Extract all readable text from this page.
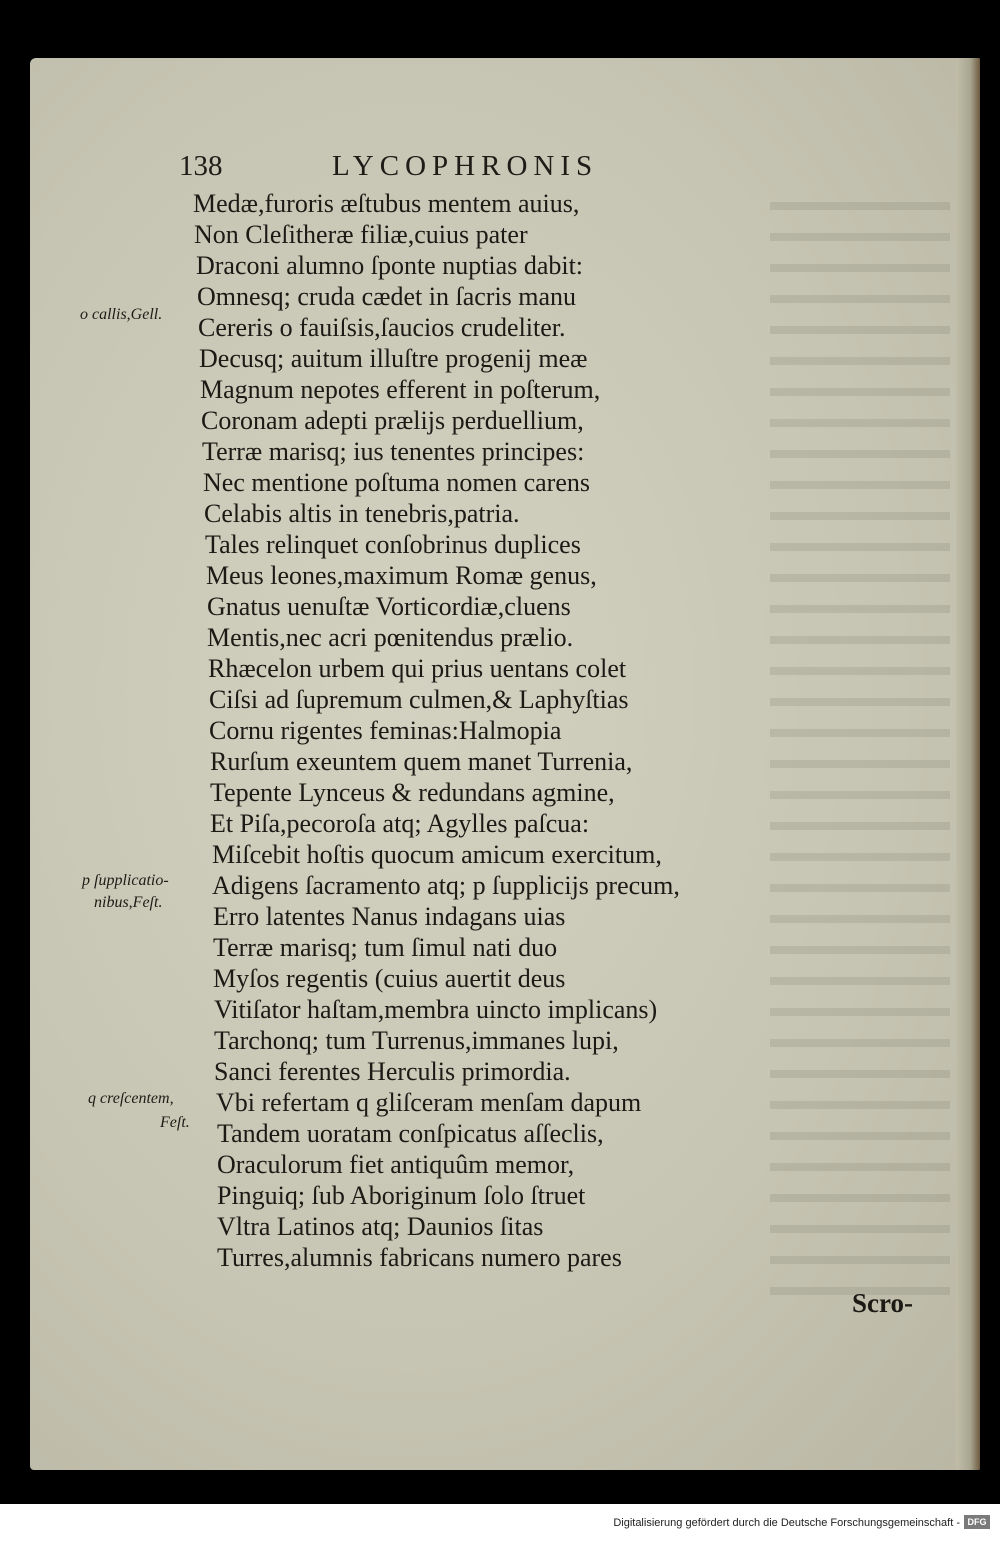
138	LYCOPHRONIS
Medæ,furoris æſtubus mentem auius,
Non Cleſitheræ filiæ,cuius pater
Draconi alumno ſponte nuptias dabit:
Omnesq; cruda cædet in ſacris manu
Cereris o fauiſsis,ſaucios crudeliter.
Decusq; auitum illuſtre progenij meæ
Magnum nepotes efferent in poſterum,
Coronam adepti prælijs perduellium,
Terræ marisq; ius tenentes principes:
Nec mentione poſtuma nomen carens
Celabis altis in tenebris,patria.
Tales relinquet conſobrinus duplices
Meus leones,maximum Romæ genus,
Gnatus uenuſtæ Vorticordiæ,cluens
Mentis,nec acri pœnitendus prælio.
Rhæcelon urbem qui prius uentans colet
Ciſsi ad ſupremum culmen,& Laphyſtias
Cornu rigentes feminas:Halmopia
Rurſum exeuntem quem manet Turrenia,
Tepente Lynceus & redundans agmine,
Et Piſa,pecoroſa atq; Agylles paſcua:
Miſcebit hoſtis quocum amicum exercitum,
Adigens ſacramento atq; p ſupplicijs precum,
Erro latentes Nanus indagans uias
Terræ marisq; tum ſimul nati duo
Myſos regentis (cuius auertit deus
Vitiſator haſtam,membra uincto implicans)
Tarchonq; tum Turrenus,immanes lupi,
Sanci ferentes Herculis primordia.
Vbi refertam q gliſceram menſam dapum
Tandem uoratam conſpicatus aſſeclis,
Oraculorum fiet antiquûm memor,
Pinguiq; ſub Aboriginum ſolo ſtruet
Vltra Latinos atq; Daunios ſitas
Turres,alumnis fabricans numero pares
o callis,Gell.
p ſupplicatio-
nibus,Feſt.
q creſcentem,
Feſt.
Scro-
Digitalisierung gefördert durch die Deutsche Forschungsgemeinschaft - DFG
